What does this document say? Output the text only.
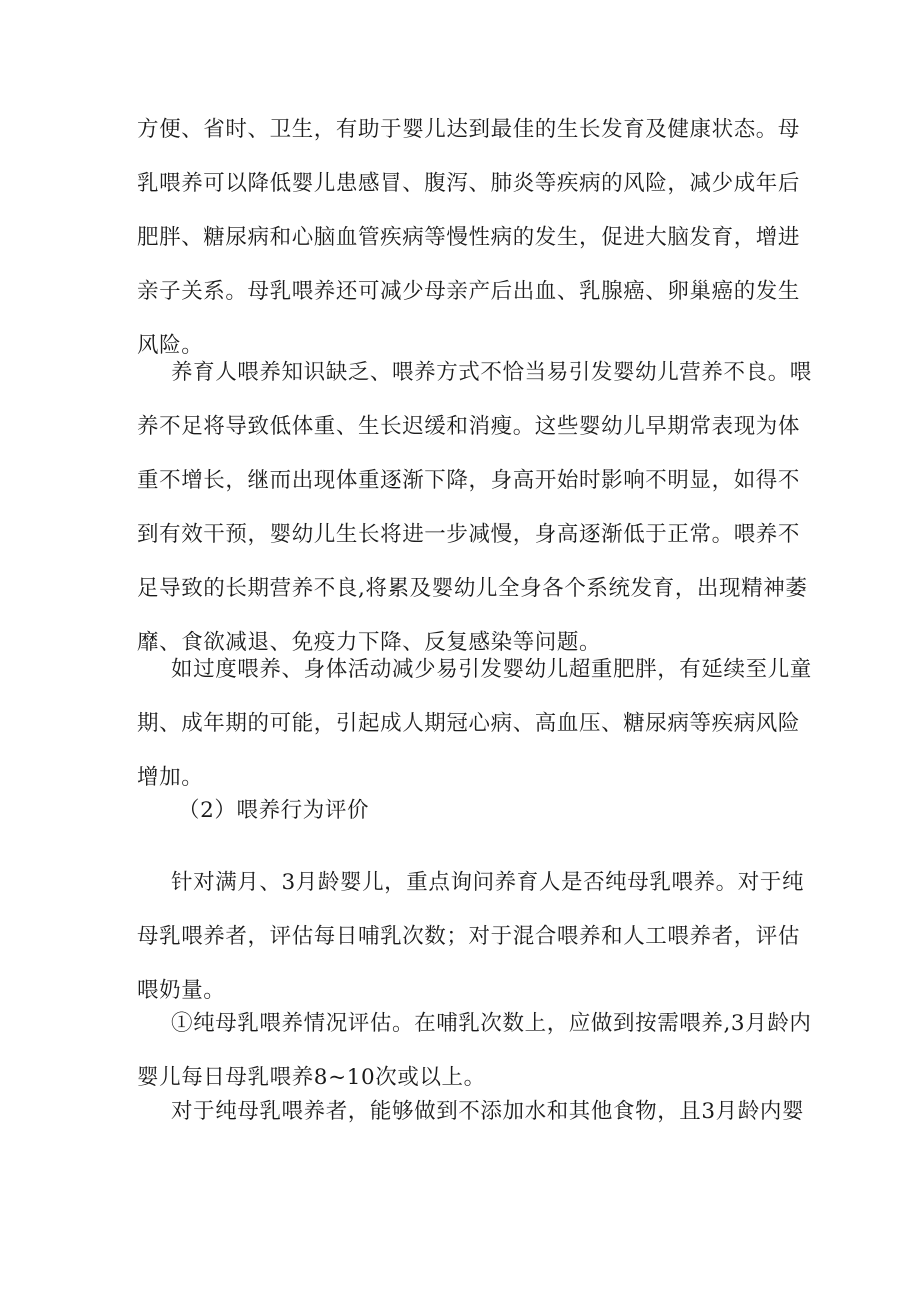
方便、省时、卫生，有助于婴儿达到最佳的生长发育及健康状态。母
乳喂养可以降低婴儿患感冒、腹泻、肺炎等疾病的风险，减少成年后
肥胖、糖尿病和心脑血管疾病等慢性病的发生，促进大脑发育，增进
亲子关系。母乳喂养还可减少母亲产后出血、乳腺癌、卵巢癌的发生
风险。

养育人喂养知识缺乏、喂养方式不恰当易引发婴幼儿营养不良。喂
养不足将导致低体重、生长迟缓和消瘦。这些婴幼儿早期常表现为体
重不增长，继而出现体重逐渐下降，身高开始时影响不明显，如得不
到有效干预，婴幼儿生长将进一步减慢，身高逐渐低于正常。喂养不
足导致的长期营养不良,将累及婴幼儿全身各个系统发育，出现精神萎
靡、食欲减退、免疫力下降、反复感染等问题。

如过度喂养、身体活动减少易引发婴幼儿超重肥胖，有延续至儿童
期、成年期的可能，引起成人期冠心病、高血压、糖尿病等疾病风险
增加。

（2）喂养行为评价

针对满月、3月龄婴儿，重点询问养育人是否纯母乳喂养。对于纯
母乳喂养者，评估每日哺乳次数；对于混合喂养和人工喂养者，评估
喂奶量。

①纯母乳喂养情况评估。在哺乳次数上，应做到按需喂养,3月龄内
婴儿每日母乳喂养8~10次或以上。

对于纯母乳喂养者，能够做到不添加水和其他食物，且3月龄内婴
